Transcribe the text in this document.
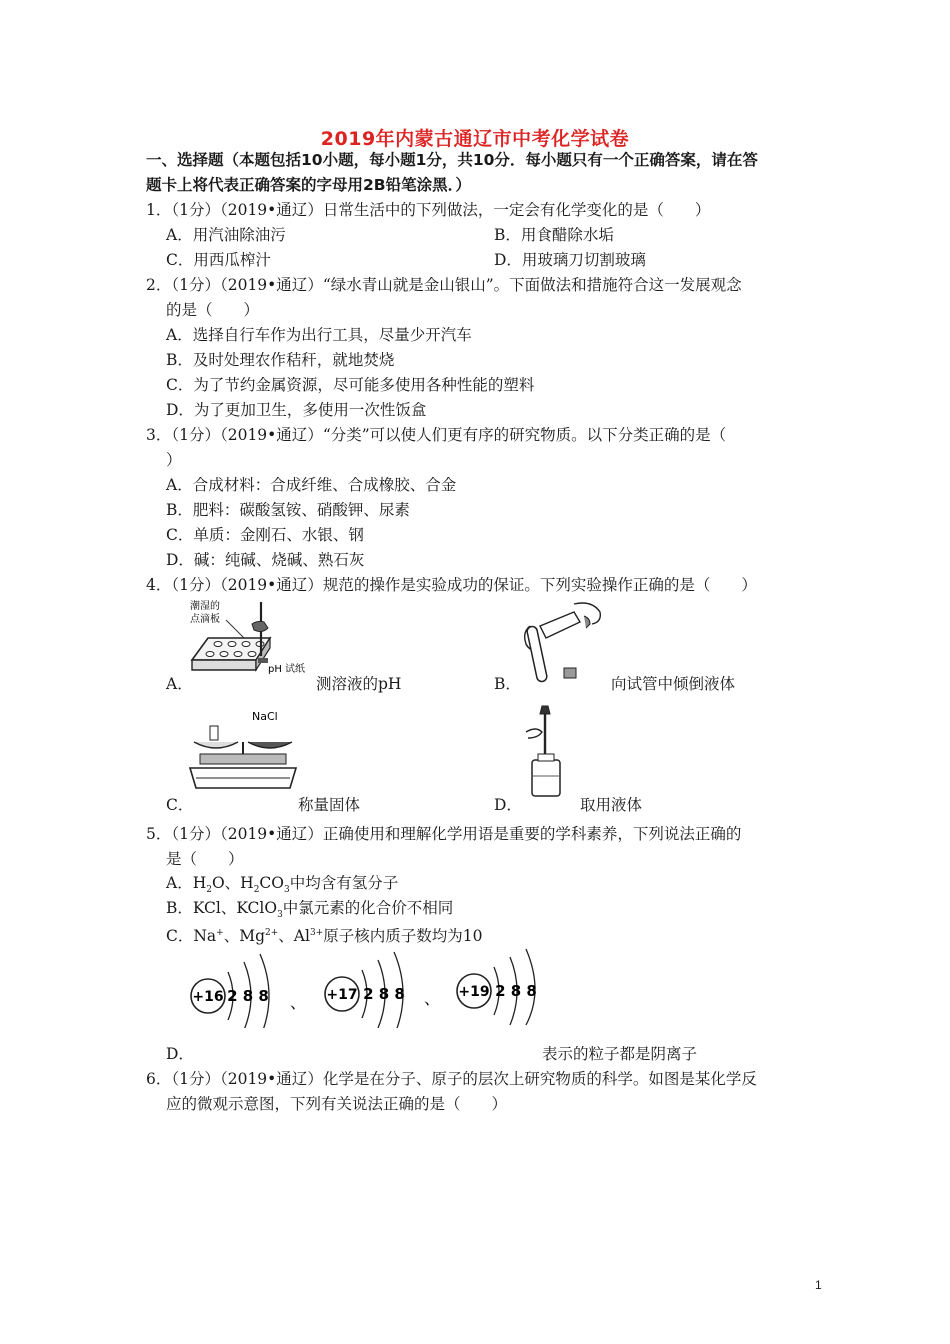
2019年内蒙古通辽市中考化学试卷
一、选择题（本题包括10小题，每小题1分，共10分．每小题只有一个正确答案，请在答
题卡上将代表正确答案的字母用2B铅笔涂黑．）
1．（1分）（2019•通辽）日常生活中的下列做法，一定会有化学变化的是（　　）
A．用汽油除油污	B．用食醋除水垢
C．用西瓜榨汁	D．用玻璃刀切割玻璃
2．（1分）（2019•通辽）“绿水青山就是金山银山”。下面做法和措施符合这一发展观念
的是（　　）
A．选择自行车作为出行工具，尽量少开汽车
B．及时处理农作秸秆，就地焚烧
C．为了节约金属资源，尽可能多使用各种性能的塑料
D．为了更加卫生，多使用一次性饭盒
3．（1分）（2019•通辽）“分类”可以使人们更有序的研究物质。以下分类正确的是（
）
A．合成材料：合成纤维、合成橡胶、合金
B．肥料：碳酸氢铵、硝酸钾、尿素
C．单质：金刚石、水银、钢
D．碱：纯碱、烧碱、熟石灰
4．（1分）（2019•通辽）规范的操作是实验成功的保证。下列实验操作正确的是（　　）
潮湿的
点滴板
pH 试纸
A．	测溶液的pH	B．	向试管中倾倒液体
NaCl
C．	称量固体	D．	取用液体
5．（1分）（2019•通辽）正确使用和理解化学用语是重要的学科素养，下列说法正确的
是（　　）
A．$H_2O$、$H_2CO_3$中均含有氢分子
B．KCl、KClO$_3$中氯元素的化合价不相同
C．Na+、$Mg^{2+}$、$Al^{3+}$原子核内质子数均为10
+16 2 8 8 、 +17 2 8 8 、 +19 2 8 8
D．	表示的粒子都是阴离子
6．（1分）（2019•通辽）化学是在分子、原子的层次上研究物质的科学。如图是某化学反
应的微观示意图，下列有关说法正确的是（　　）
1
